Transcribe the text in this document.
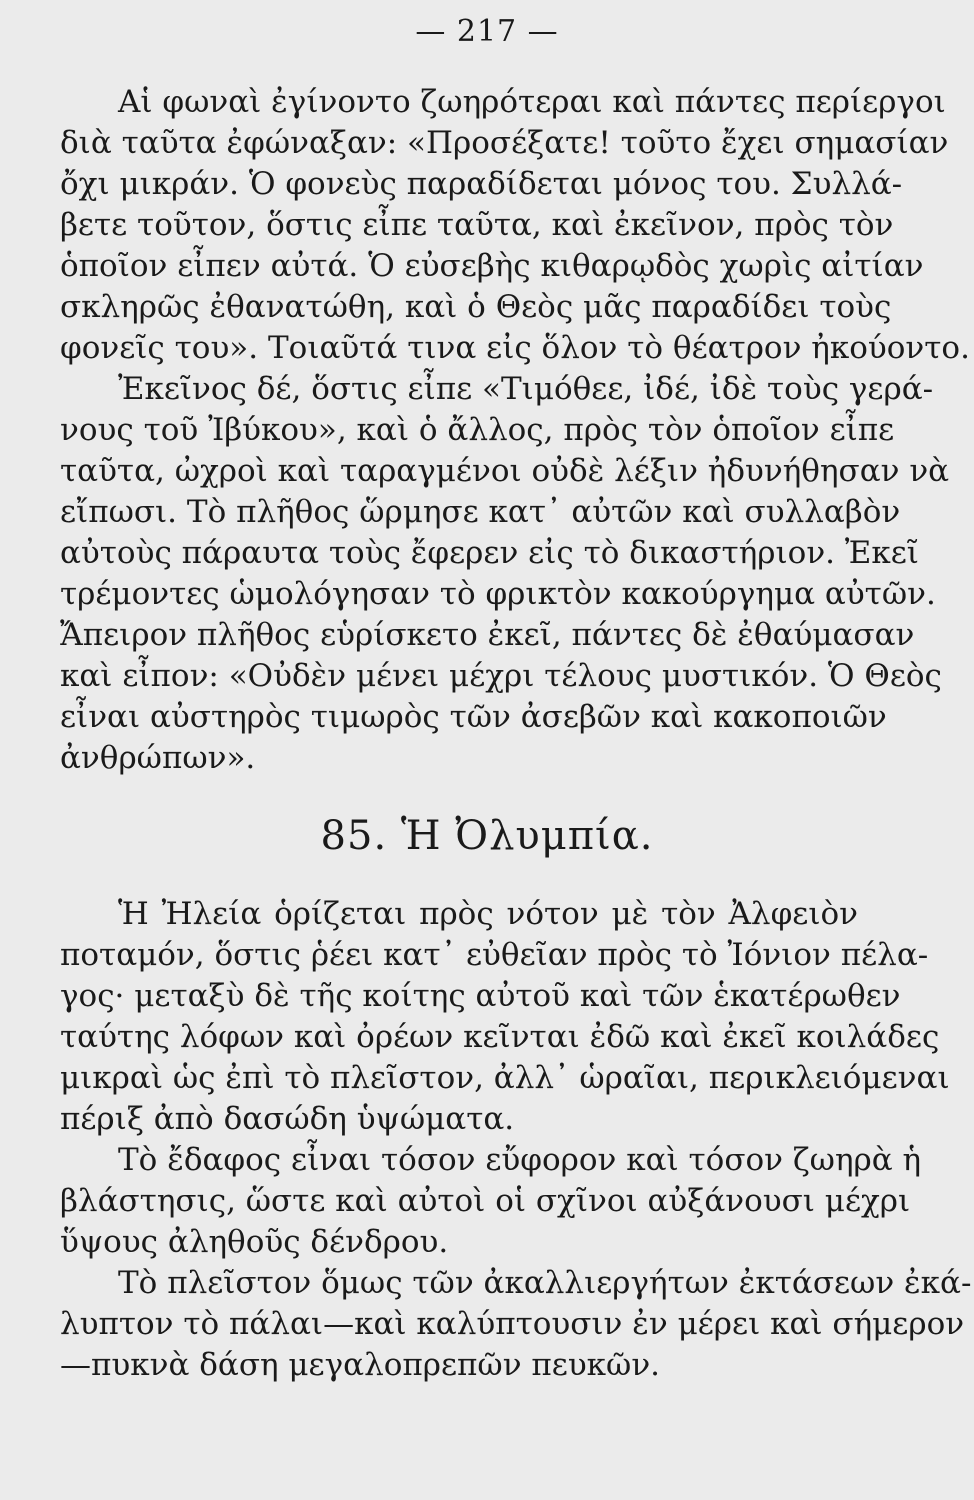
— 217 —
Αἱ φωναὶ ἐγίνοντο ζωηρότεραι καὶ πάντες περίεργοι
διὰ ταῦτα ἐφώναξαν: «Προσέξατε! τοῦτο ἔχει σημασίαν
ὄχι μικράν. Ὁ φονεὺς παραδίδεται μόνος του. Συλλά-
βετε τοῦτον, ὅστις εἶπε ταῦτα, καὶ ἐκεῖνον, πρὸς τὸν
ὁποῖον εἶπεν αὐτά. Ὁ εὐσεβὴς κιθαρῳδὸς χωρὶς αἰτίαν
σκληρῶς ἐθανατώθη, καὶ ὁ Θεὸς μᾶς παραδίδει τοὺς
φονεῖς του». Τοιαῦτά τινα εἰς ὅλον τὸ θέατρον ἠκούοντο.
Ἐκεῖνος δέ, ὅστις εἶπε «Τιμόθεε, ἰδέ, ἰδὲ τοὺς γερά-
νους τοῦ Ἰβύκου», καὶ ὁ ἄλλος, πρὸς τὸν ὁποῖον εἶπε
ταῦτα, ὠχροὶ καὶ ταραγμένοι οὐδὲ λέξιν ἠδυνήθησαν νὰ
εἴπωσι. Τὸ πλῆθος ὥρμησε κατ᾽ αὐτῶν καὶ συλλαβὸν
αὐτοὺς πάραυτα τοὺς ἔφερεν εἰς τὸ δικαστήριον. Ἐκεῖ
τρέμοντες ὡμολόγησαν τὸ φρικτὸν κακούργημα αὐτῶν.
Ἄπειρον πλῆθος εὑρίσκετο ἐκεῖ, πάντες δὲ ἐθαύμασαν
καὶ εἶπον: «Οὐδὲν μένει μέχρι τέλους μυστικόν. Ὁ Θεὸς
εἶναι αὐστηρὸς τιμωρὸς τῶν ἀσεβῶν καὶ κακοποιῶν
ἀνθρώπων».
85. Ἡ Ὀλυμπία.
Ἡ Ἠλεία ὁρίζεται πρὸς νότον μὲ τὸν Ἀλφειὸν
ποταμόν, ὅστις ῥέει κατ᾽ εὐθεῖαν πρὸς τὸ Ἰόνιον πέλα-
γος· μεταξὺ δὲ τῆς κοίτης αὐτοῦ καὶ τῶν ἑκατέρωθεν
ταύτης λόφων καὶ ὀρέων κεῖνται ἐδῶ καὶ ἐκεῖ κοιλάδες
μικραὶ ὡς ἐπὶ τὸ πλεῖστον, ἀλλ᾽ ὡραῖαι, περικλειόμεναι
πέριξ ἀπὸ δασώδη ὑψώματα.
Τὸ ἔδαφος εἶναι τόσον εὔφορον καὶ τόσον ζωηρὰ ἡ
βλάστησις, ὥστε καὶ αὐτοὶ οἱ σχῖνοι αὐξάνουσι μέχρι
ὕψους ἀληθοῦς δένδρου.
Τὸ πλεῖστον ὅμως τῶν ἀκαλλιεργήτων ἐκτάσεων ἐκά-
λυπτον τὸ πάλαι—καὶ καλύπτουσιν ἐν μέρει καὶ σήμερον
—πυκνὰ δάση μεγαλοπρεπῶν πευκῶν.
